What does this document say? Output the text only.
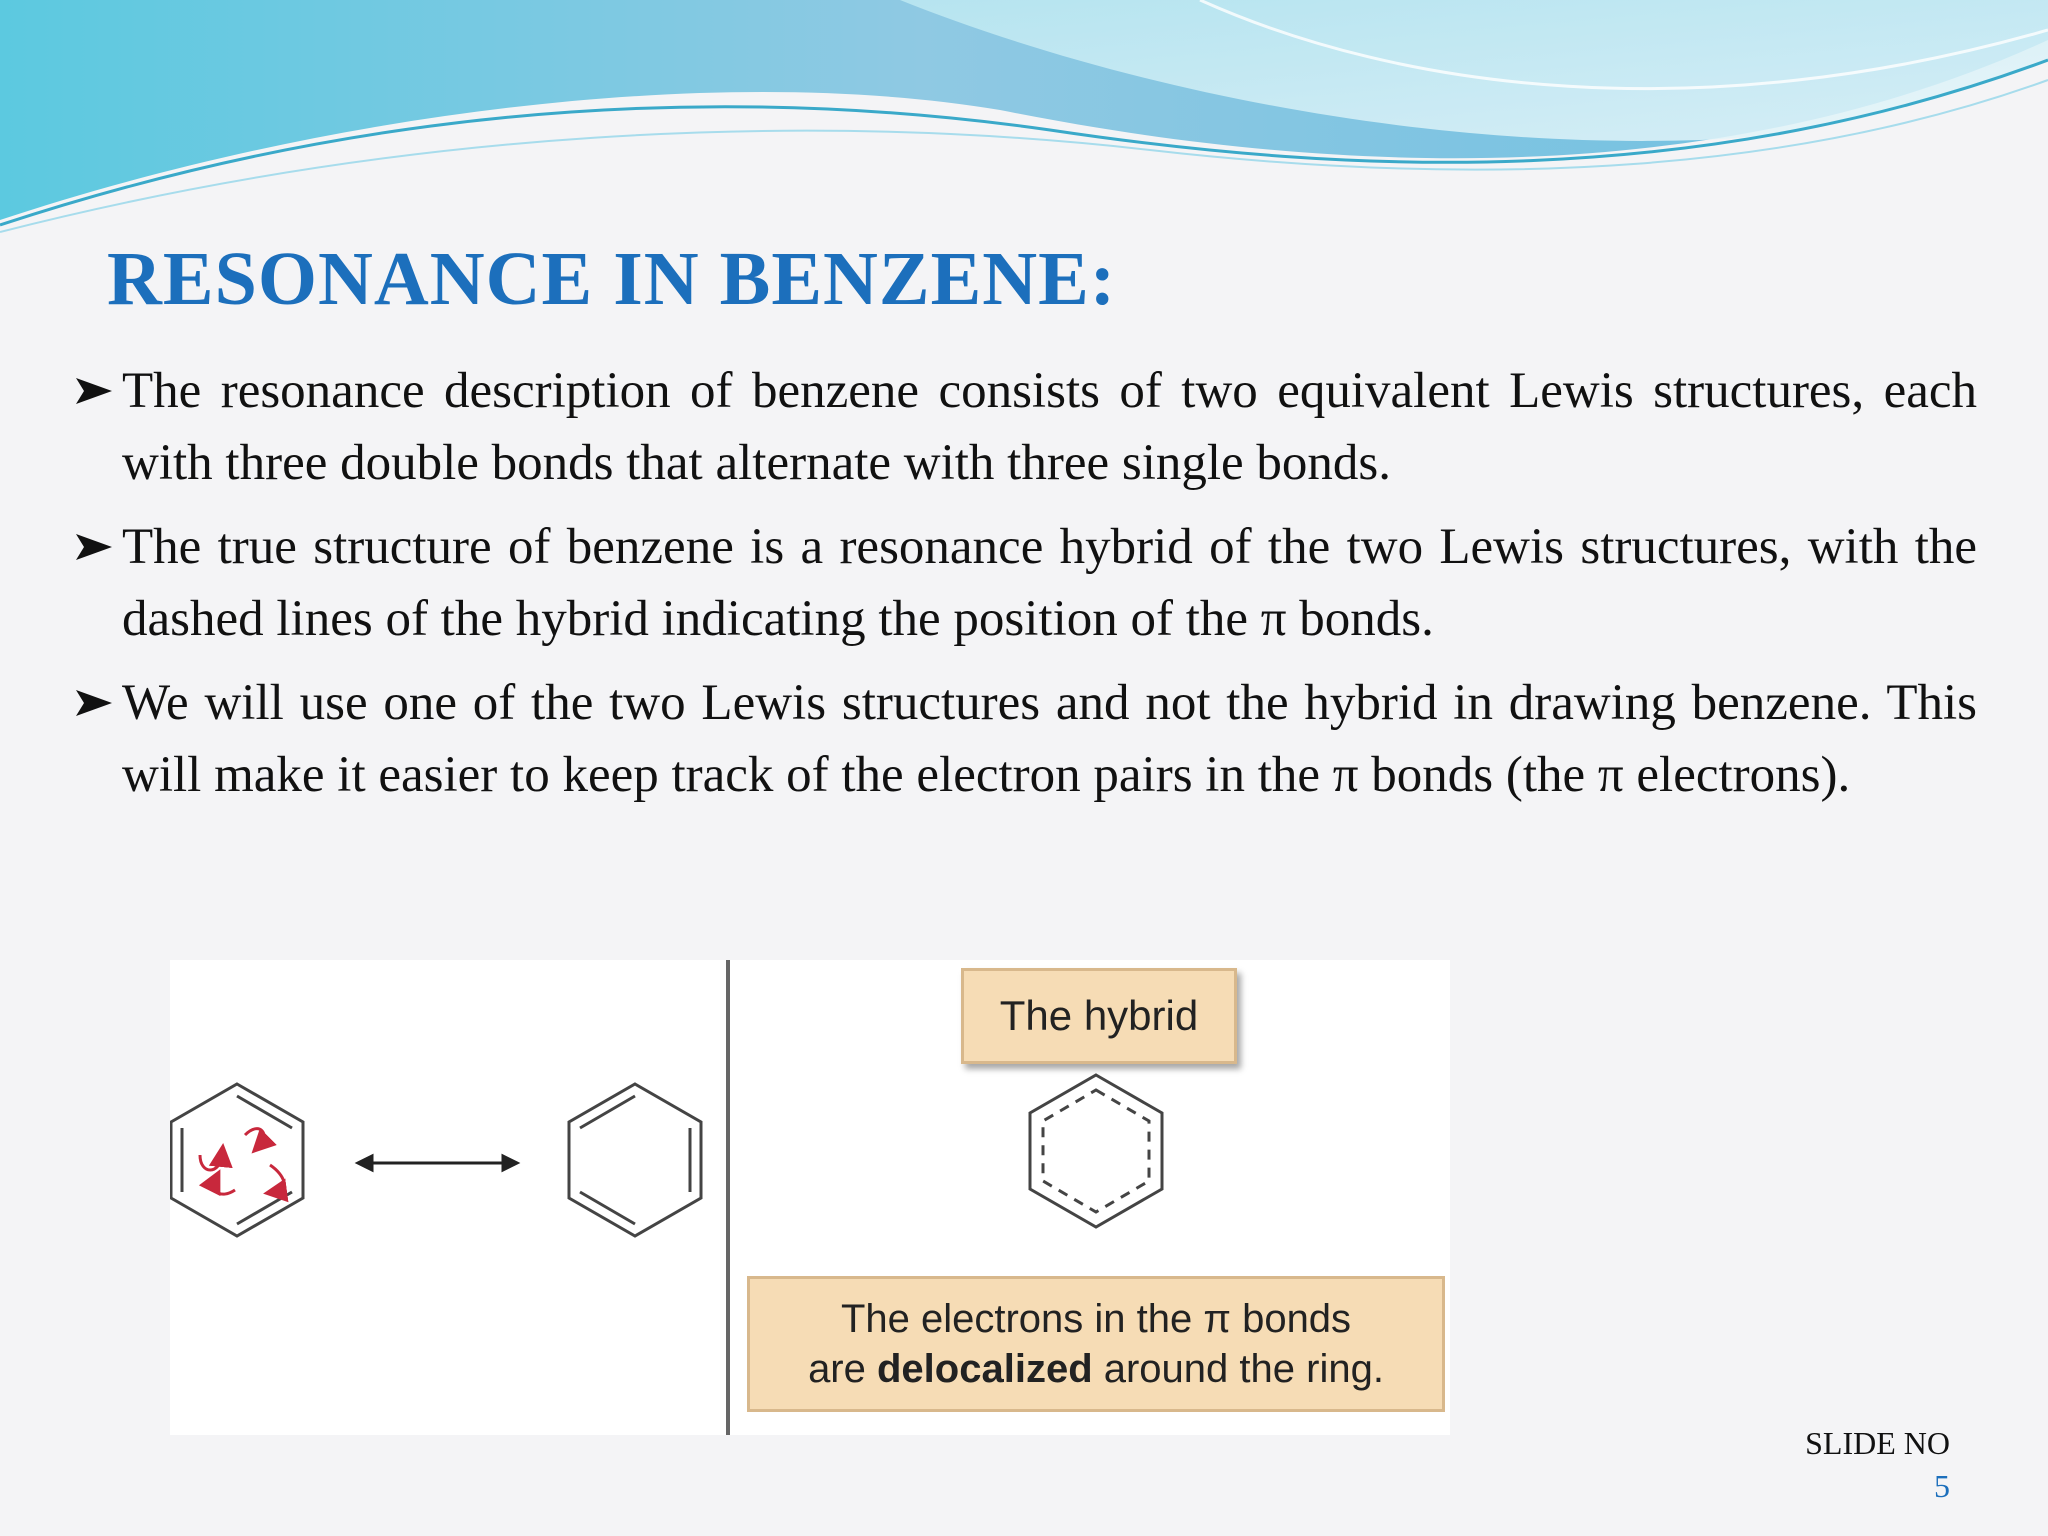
RESONANCE IN BENZENE:
The resonance description of benzene consists of two equivalent Lewis structures, each with three double bonds that alternate with three single bonds.
The true structure of benzene is a resonance hybrid of the two Lewis structures, with the dashed lines of the hybrid indicating the position of the π bonds.
We will use one of the two Lewis structures and not the hybrid in drawing benzene. This will make it easier to keep track of the electron pairs in the π bonds (the π electrons).
The hybrid
The electrons in the π bonds
are delocalized around the ring.
SLIDE NO
5
